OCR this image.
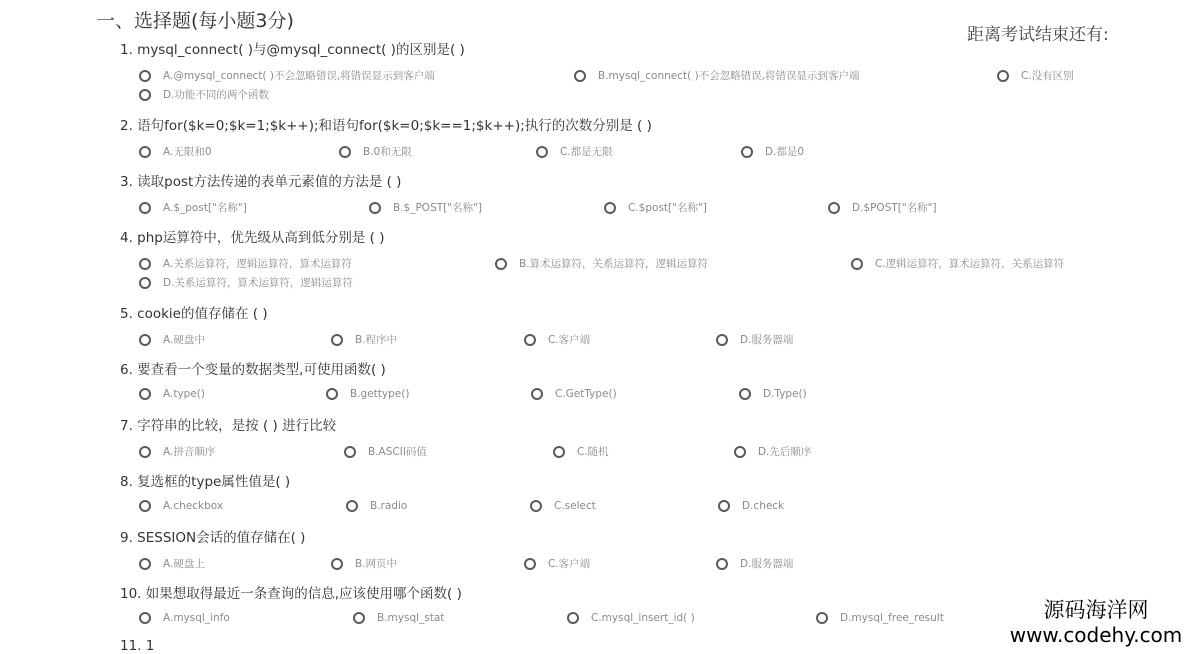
一、选择题(每小题3分)
距离考试结束还有:
1. mysql_connect( )与@mysql_connect( )的区别是( )
A.@mysql_connect( )不会忽略错误,将错误显示到客户端	B.mysql_connect( )不会忽略错误,将错误显示到客户端	C.没有区别
D.功能不同的两个函数
2. 语句for($k=0;$k=1;$k++);和语句for($k=0;$k==1;$k++);执行的次数分别是 ( )
A.无限和0	B.0和无限	C.都是无限	D.都是0
3. 读取post方法传递的表单元素值的方法是 ( )
A.$_post["名称"]	B.$_POST["名称"]	C.$post["名称"]	D.$POST["名称"]
4. php运算符中，优先级从高到低分别是 ( )
A.关系运算符，逻辑运算符，算术运算符	B.算术运算符，关系运算符，逻辑运算符	C.逻辑运算符，算术运算符，关系运算符
D.关系运算符，算术运算符，逻辑运算符
5. cookie的值存储在 ( )
A.硬盘中	B.程序中	C.客户端	D.服务器端
6. 要查看一个变量的数据类型,可使用函数( )
A.type()	B.gettype()	C.GetType()	D.Type()
7. 字符串的比较，是按 ( ) 进行比较
A.拼音顺序	B.ASCII码值	C.随机	D.先后顺序
8. 复选框的type属性值是( )
A.checkbox	B.radio	C.select	D.check
9. SESSION会话的值存储在( )
A.硬盘上	B.网页中	C.客户端	D.服务器端
10. 如果想取得最近一条查询的信息,应该使用哪个函数( )
A.mysql_info	B.mysql_stat	C.mysql_insert_id( )	D.mysql_free_result
11. 1
源码海洋网
www.codehy.com
